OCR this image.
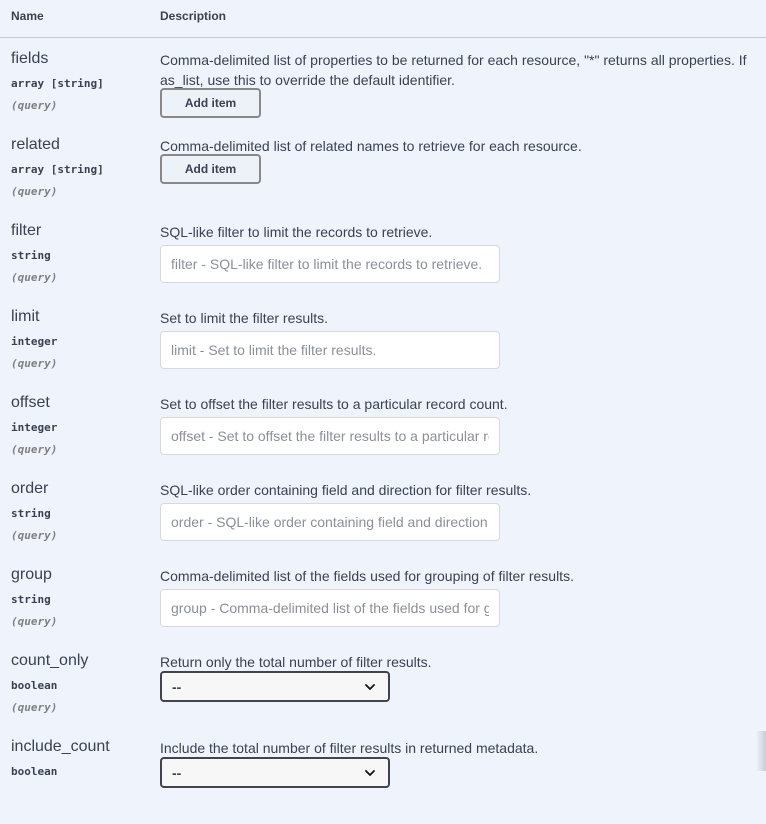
Name	Description
fields
array [string]
(query)
Comma-delimited list of properties to be returned for each resource, "*" returns all properties. If as_list, use this to override the default identifier.
Add item
related
array [string]
(query)
Comma-delimited list of related names to retrieve for each resource.
Add item
filter
string
(query)
SQL-like filter to limit the records to retrieve.
filter - SQL-like filter to limit the records to retrieve.
limit
integer
(query)
Set to limit the filter results.
limit - Set to limit the filter results.
offset
integer
(query)
Set to offset the filter results to a particular record count.
offset - Set to offset the filter results to a particular record count.
order
string
(query)
SQL-like order containing field and direction for filter results.
order - SQL-like order containing field and direction for filter results.
group
string
(query)
Comma-delimited list of the fields used for grouping of filter results.
group - Comma-delimited list of the fields used for grouping of filter results.
count_only
boolean
(query)
Return only the total number of filter results.
--
include_count
boolean
Include the total number of filter results in returned metadata.
--
